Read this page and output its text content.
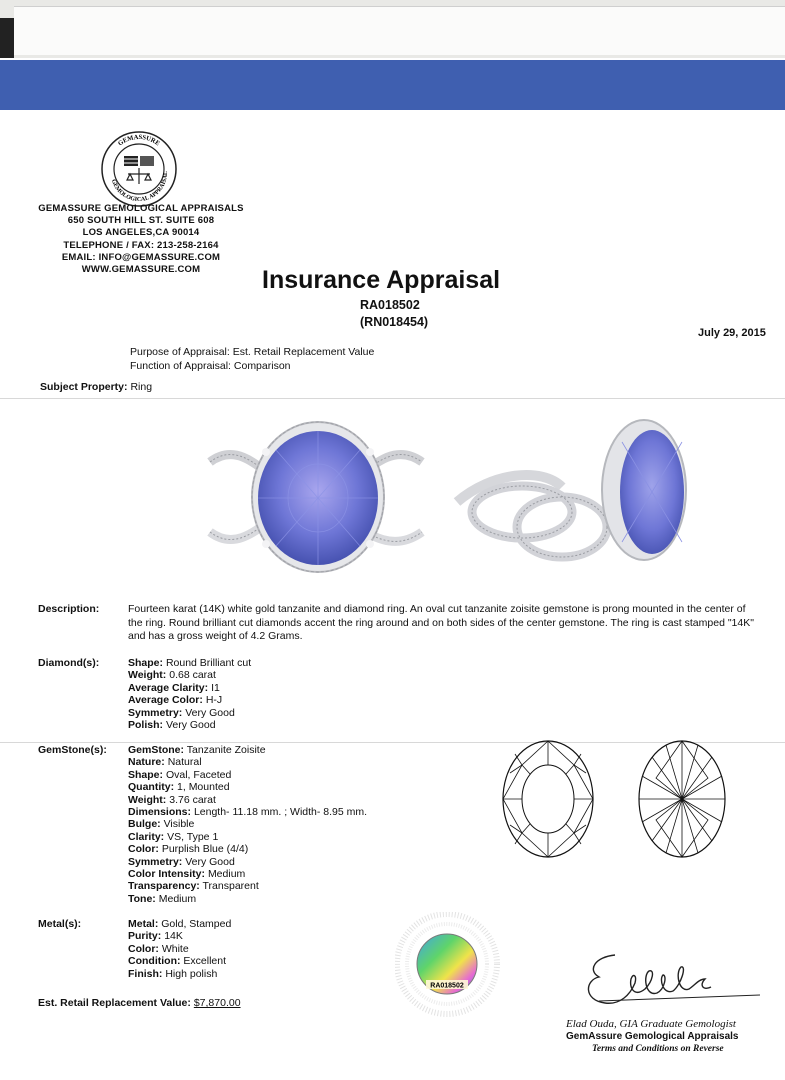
GEMASSURE
GEMOLOGICAL APPRAISAL
GEMASSURE GEMOLOGICAL APPRAISALS
650 SOUTH HILL ST. SUITE 608
LOS ANGELES,CA 90014
TELEPHONE / FAX: 213-258-2164
EMAIL: INFO@GEMASSURE.COM
WWW.GEMASSURE.COM	Insurance Appraisal
RA018502
(RN018454)
July 29, 2015
Purpose of Appraisal: Est. Retail Replacement Value
Function of Appraisal: Comparison
Subject Property: Ring
Description:	Fourteen karat (14K) white gold tanzanite and diamond ring. An oval cut tanzanite zoisite gemstone is prong mounted in the center of the ring. Round brilliant cut diamonds accent the ring around and on both sides of the center gemstone. The ring is cast stamped "14K" and has a gross weight of 4.2 Grams.
Diamond(s):	Shape: Round Brilliant cut
Weight: 0.68 carat
Average Clarity: I1
Average Color: H-J
Symmetry: Very Good
Polish: Very Good
GemStone(s): GemStone: Tanzanite Zoisite
Nature: Natural
Shape: Oval, Faceted
Quantity: 1, Mounted
Weight: 3.76 carat
Dimensions: Length- 11.18 mm. ; Width- 8.95 mm.
Bulge: Visible
Clarity: VS, Type 1
Color: Purplish Blue (4/4)
Symmetry: Very Good
Color Intensity: Medium
Transparency: Transparent
Tone: Medium
Metal(s):	Metal: Gold, Stamped
Purity: 14K
Color: White
Condition: Excellent
Finish: High polish
Est. Retail Replacement Value: $7,870.00
RA018502
Elad Ouda, GIA Graduate Gemologist
GemAssure Gemological Appraisals
Terms and Conditions on Reverse
